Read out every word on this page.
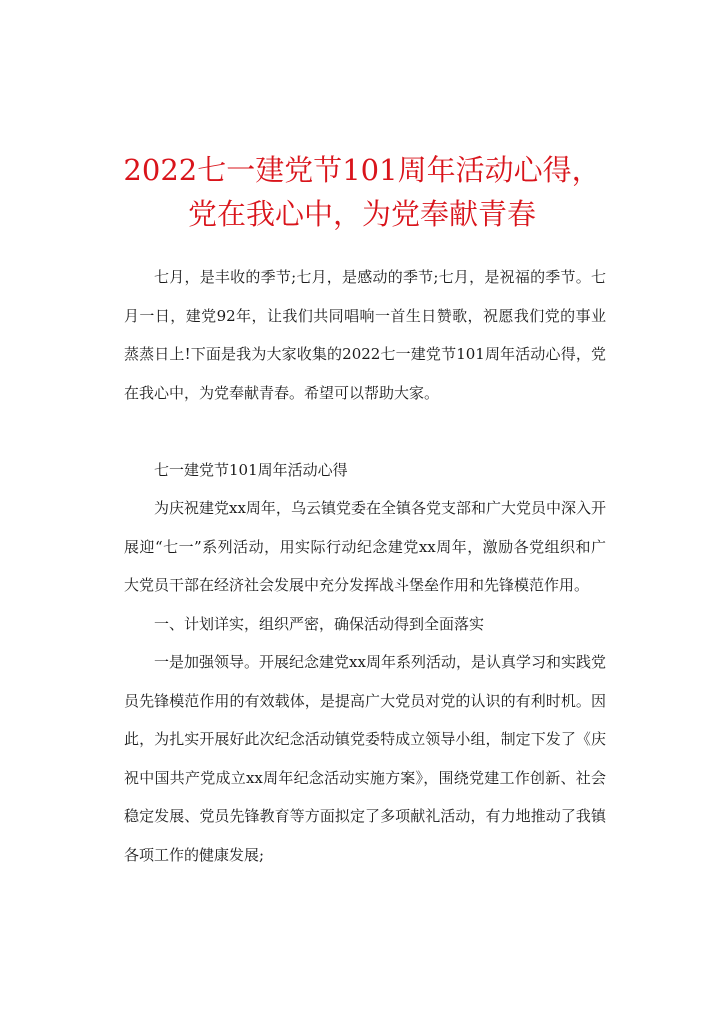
2022七一建党节101周年活动心得，党在我心中，为党奉献青春

七月，是丰收的季节;七月，是感动的季节;七月，是祝福的季节。七月一日，建党92年，让我们共同唱响一首生日赞歌，祝愿我们党的事业蒸蒸日上!下面是我为大家收集的2022七一建党节101周年活动心得，党在我心中，为党奉献青春。希望可以帮助大家。

七一建党节101周年活动心得

为庆祝建党xx周年，乌云镇党委在全镇各党支部和广大党员中深入开展迎“七一”系列活动，用实际行动纪念建党xx周年，激励各党组织和广大党员干部在经济社会发展中充分发挥战斗堡垒作用和先锋模范作用。

一、计划详实，组织严密，确保活动得到全面落实

一是加强领导。开展纪念建党xx周年系列活动，是认真学习和实践党员先锋模范作用的有效载体，是提高广大党员对党的认识的有利时机。因此，为扎实开展好此次纪念活动镇党委特成立领导小组，制定下发了《庆祝中国共产党成立xx周年纪念活动实施方案》，围绕党建工作创新、社会稳定发展、党员先锋教育等方面拟定了多项献礼活动，有力地推动了我镇各项工作的健康发展;
